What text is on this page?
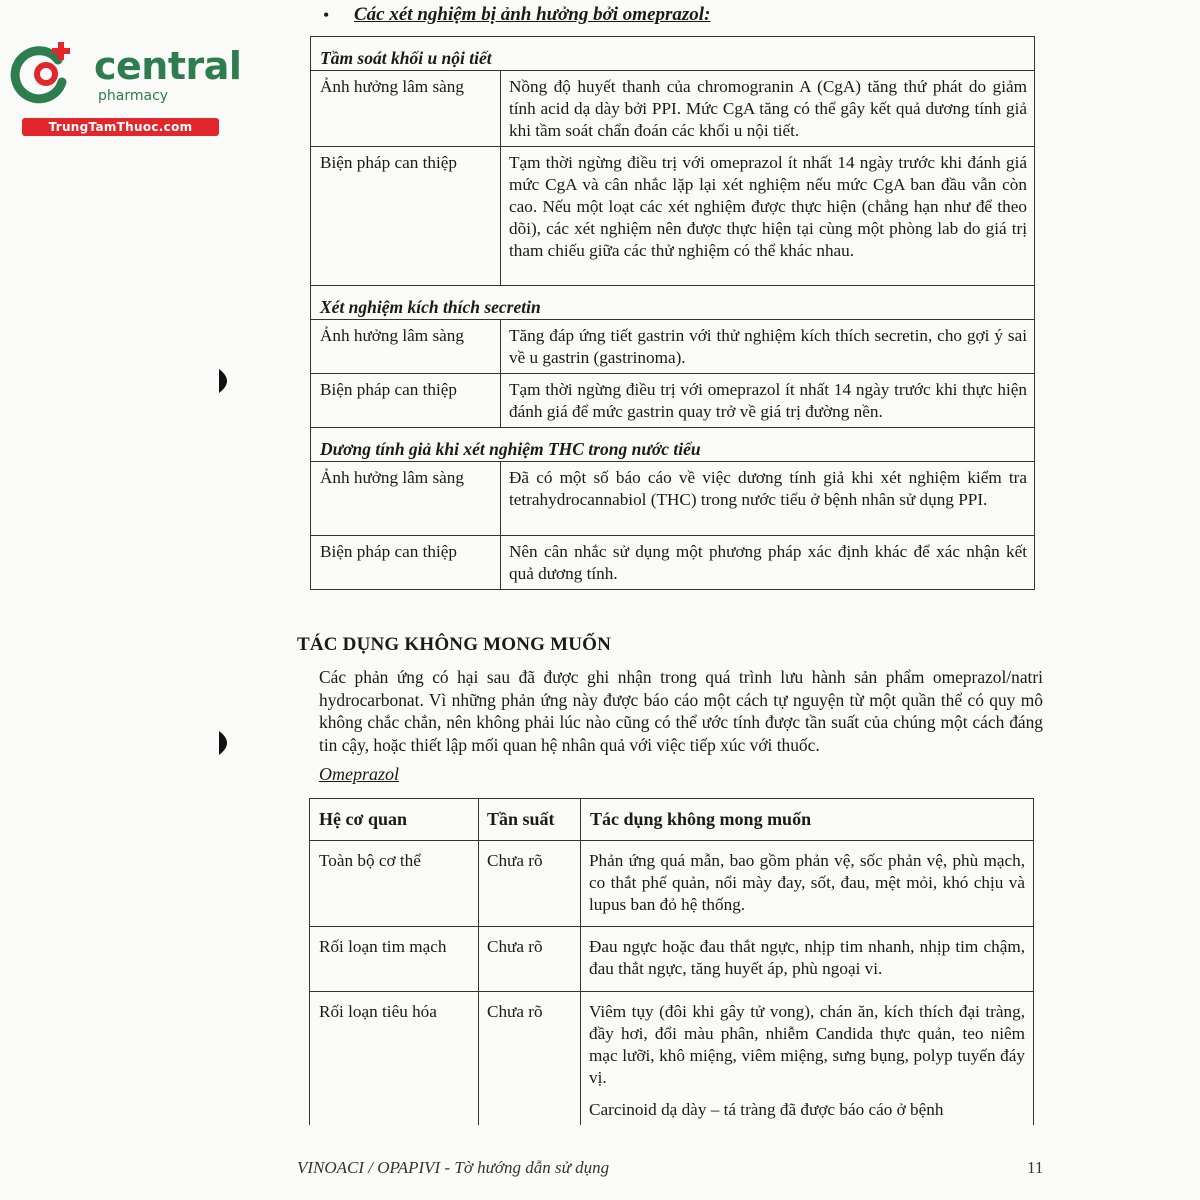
central
pharmacy
TrungTamThuoc.com
• Các xét nghiệm bị ảnh hưởng bởi omeprazol:
Tầm soát khối u nội tiết	
Ảnh hưởng lâm sàng	Nồng độ huyết thanh của chromogranin A (CgA) tăng thứ phát do giảm tính acid dạ dày bởi PPI. Mức CgA tăng có thể gây kết quả dương tính giả khi tầm soát chẩn đoán các khối u nội tiết.
Biện pháp can thiệp	Tạm thời ngừng điều trị với omeprazol ít nhất 14 ngày trước khi đánh giá mức CgA và cân nhắc lặp lại xét nghiệm nếu mức CgA ban đầu vẫn còn cao. Nếu một loạt các xét nghiệm được thực hiện (chẳng hạn như để theo dõi), các xét nghiệm nên được thực hiện tại cùng một phòng lab do giá trị tham chiếu giữa các thử nghiệm có thể khác nhau.
Xét nghiệm kích thích secretin	
Ảnh hưởng lâm sàng	Tăng đáp ứng tiết gastrin với thử nghiệm kích thích secretin, cho gợi ý sai về u gastrin (gastrinoma).
Biện pháp can thiệp	Tạm thời ngừng điều trị với omeprazol ít nhất 14 ngày trước khi thực hiện đánh giá để mức gastrin quay trở về giá trị đường nền.
Dương tính giả khi xét nghiệm THC trong nước tiểu	
Ảnh hưởng lâm sàng	Đã có một số báo cáo về việc dương tính giả khi xét nghiệm kiểm tra tetrahydrocannabiol (THC) trong nước tiểu ở bệnh nhân sử dụng PPI.
Biện pháp can thiệp	Nên cân nhắc sử dụng một phương pháp xác định khác để xác nhận kết quả dương tính.
TÁC DỤNG KHÔNG MONG MUỐN
Các phản ứng có hại sau đã được ghi nhận trong quá trình lưu hành sản phẩm omeprazol/natri hydrocarbonat. Vì những phản ứng này được báo cáo một cách tự nguyện từ một quần thể có quy mô không chắc chắn, nên không phải lúc nào cũng có thể ước tính được tần suất của chúng một cách đáng tin cậy, hoặc thiết lập mối quan hệ nhân quả với việc tiếp xúc với thuốc.
Omeprazol
Hệ cơ quan	Tần suất	Tác dụng không mong muốn
Toàn bộ cơ thể	Chưa rõ	Phản ứng quá mẫn, bao gồm phản vệ, sốc phản vệ, phù mạch, co thắt phế quản, nổi mày đay, sốt, đau, mệt mỏi, khó chịu và lupus ban đỏ hệ thống.
Rối loạn tim mạch	Chưa rõ	Đau ngực hoặc đau thắt ngực, nhịp tim nhanh, nhịp tim chậm, đau thắt ngực, tăng huyết áp, phù ngoại vi.
Rối loạn tiêu hóa	Chưa rõ	Viêm tụy (đôi khi gây tử vong), chán ăn, kích thích đại tràng, đầy hơi, đổi màu phân, nhiễm Candida thực quản, teo niêm mạc lưỡi, khô miệng, viêm miệng, sưng bụng, polyp tuyến đáy vị.
Carcinoid dạ dày – tá tràng đã được báo cáo ở bệnh
VINOACI / OPAPIVI - Tờ hướng dẫn sử dụng	11
